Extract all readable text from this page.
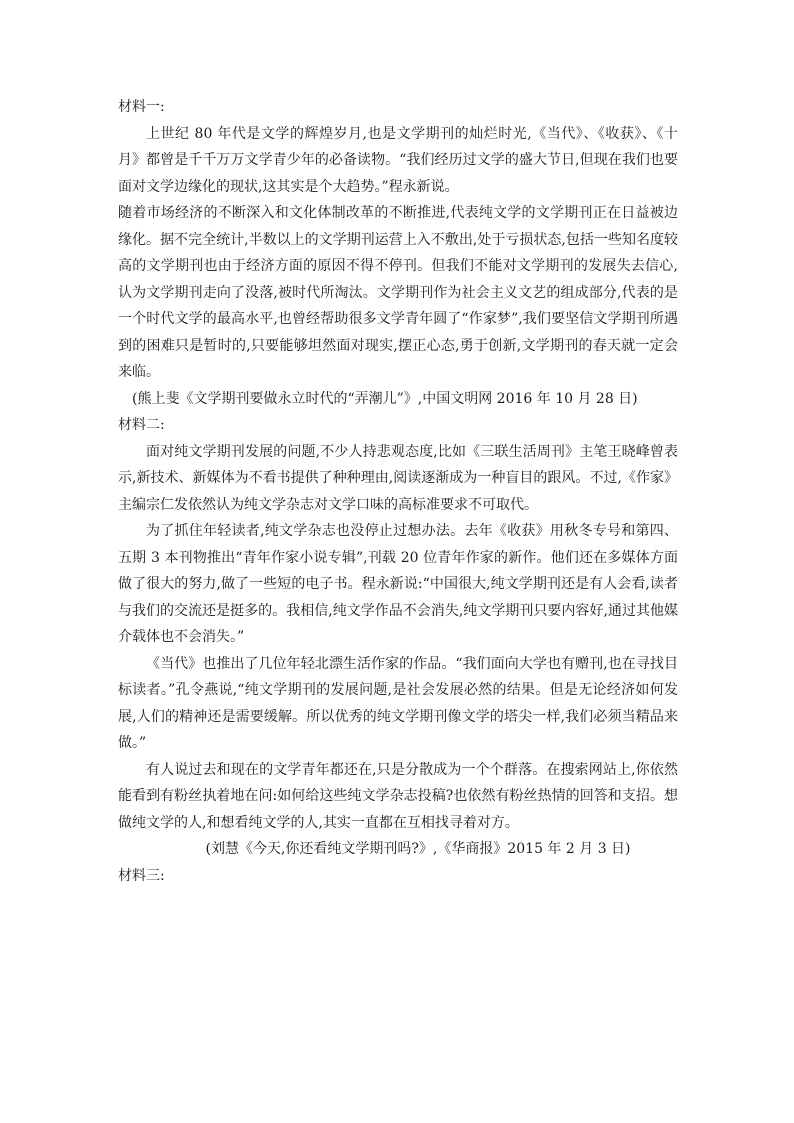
材料一:

上世纪 80 年代是文学的辉煌岁月,也是文学期刊的灿烂时光,《当代》、《收获》、《十月》都曾是千千万万文学青少年的必备读物。“我们经历过文学的盛大节日,但现在我们也要面对文学边缘化的现状,这其实是个大趋势。”程永新说。

随着市场经济的不断深入和文化体制改革的不断推进,代表纯文学的文学期刊正在日益被边缘化。据不完全统计,半数以上的文学期刊运营上入不敷出,处于亏损状态,包括一些知名度较高的文学期刊也由于经济方面的原因不得不停刊。但我们不能对文学期刊的发展失去信心,认为文学期刊走向了没落,被时代所淘汰。文学期刊作为社会主义文艺的组成部分,代表的是一个时代文学的最高水平,也曾经帮助很多文学青年圆了“作家梦”,我们要坚信文学期刊所遇到的困难只是暂时的,只要能够坦然面对现实,摆正心态,勇于创新,文学期刊的春天就一定会来临。

(熊上斐《文学期刊要做永立时代的“弄潮儿”》,中国文明网 2016 年 10 月 28 日)

材料二:

面对纯文学期刊发展的问题,不少人持悲观态度,比如《三联生活周刊》主笔王晓峰曾表示,新技术、新媒体为不看书提供了种种理由,阅读逐渐成为一种盲目的跟风。不过,《作家》主编宗仁发依然认为纯文学杂志对文学口味的高标准要求不可取代。

为了抓住年轻读者,纯文学杂志也没停止过想办法。去年《收获》用秋冬专号和第四、五期 3 本刊物推出“青年作家小说专辑”,刊载 20 位青年作家的新作。他们还在多媒体方面做了很大的努力,做了一些短的电子书。程永新说:“中国很大,纯文学期刊还是有人会看,读者与我们的交流还是挺多的。我相信,纯文学作品不会消失,纯文学期刊只要内容好,通过其他媒介载体也不会消失。”

《当代》也推出了几位年轻北漂生活作家的作品。“我们面向大学也有赠刊,也在寻找目标读者。”孔令燕说,“纯文学期刊的发展问题,是社会发展必然的结果。但是无论经济如何发展,人们的精神还是需要缓解。所以优秀的纯文学期刊像文学的塔尖一样,我们必须当精品来做。”

有人说过去和现在的文学青年都还在,只是分散成为一个个群落。在搜索网站上,你依然能看到有粉丝执着地在问:如何给这些纯文学杂志投稿?也依然有粉丝热情的回答和支招。想做纯文学的人,和想看纯文学的人,其实一直都在互相找寻着对方。

(刘慧《今天,你还看纯文学期刊吗?》,《华商报》2015 年 2 月 3 日)

材料三:
